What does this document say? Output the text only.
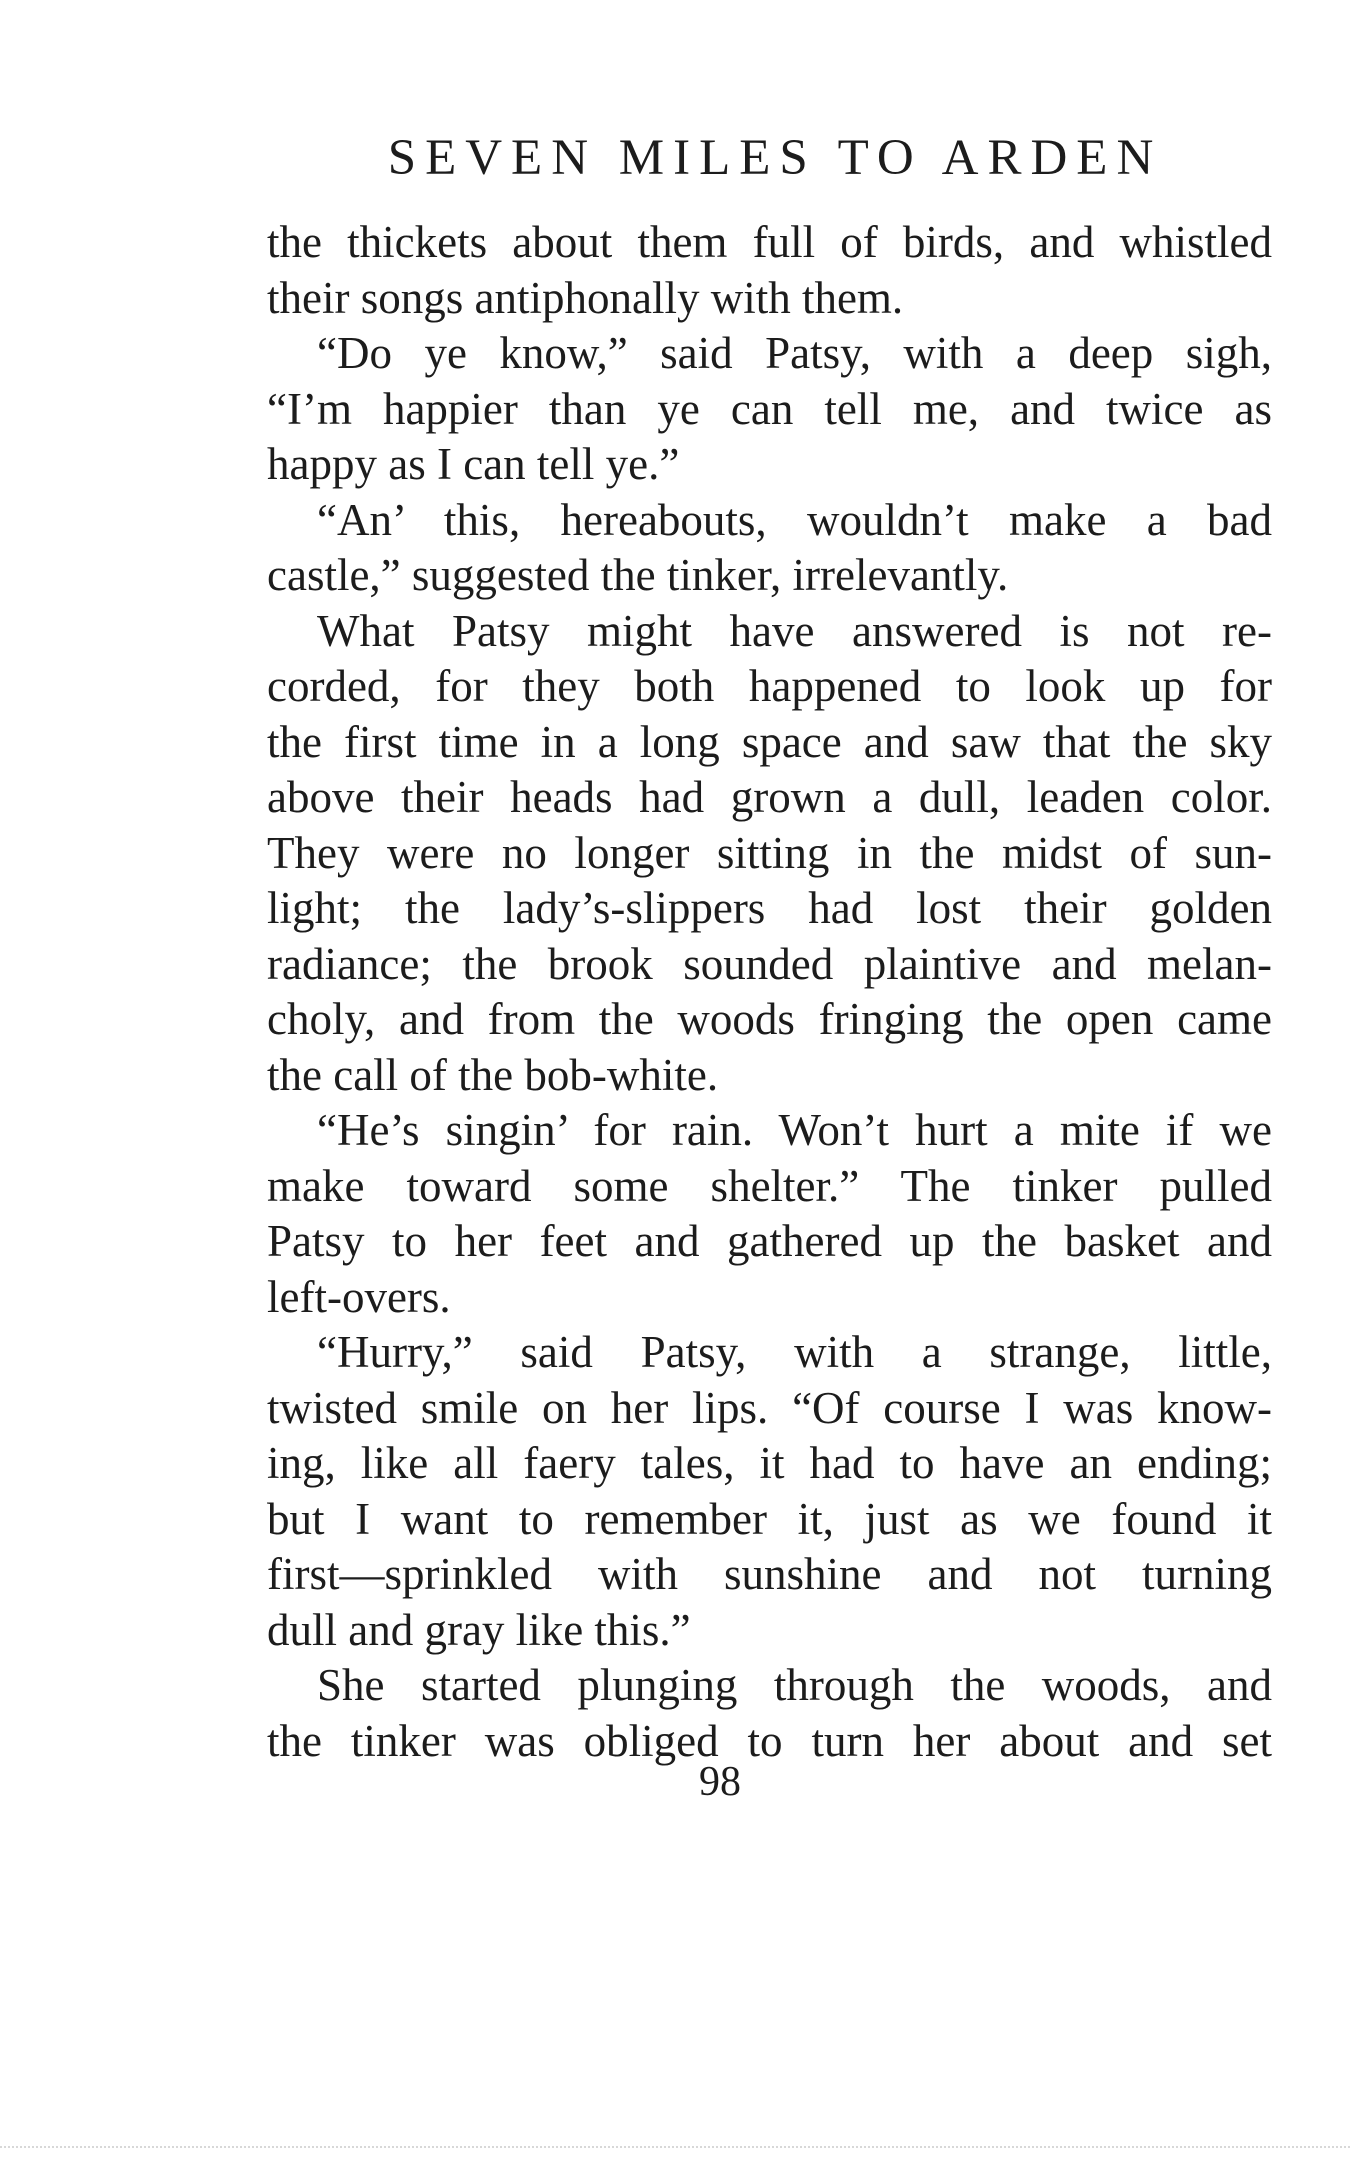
SEVEN MILES TO ARDEN
the thickets about them full of birds, and whistled
their songs antiphonally with them.
“Do ye know,” said Patsy, with a deep sigh,
“I’m happier than ye can tell me, and twice as
happy as I can tell ye.”
“An’ this, hereabouts, wouldn’t make a bad
castle,” suggested the tinker, irrelevantly.
What Patsy might have answered is not re-
corded, for they both happened to look up for
the first time in a long space and saw that the sky
above their heads had grown a dull, leaden color.
They were no longer sitting in the midst of sun-
light; the lady’s-slippers had lost their golden
radiance; the brook sounded plaintive and melan-
choly, and from the woods fringing the open came
the call of the bob-white.
“He’s singin’ for rain. Won’t hurt a mite if we
make toward some shelter.” The tinker pulled
Patsy to her feet and gathered up the basket and
left-overs.
“Hurry,” said Patsy, with a strange, little,
twisted smile on her lips. “Of course I was know-
ing, like all faery tales, it had to have an ending;
but I want to remember it, just as we found it
first—sprinkled with sunshine and not turning
dull and gray like this.”
She started plunging through the woods, and
the tinker was obliged to turn her about and set
98
